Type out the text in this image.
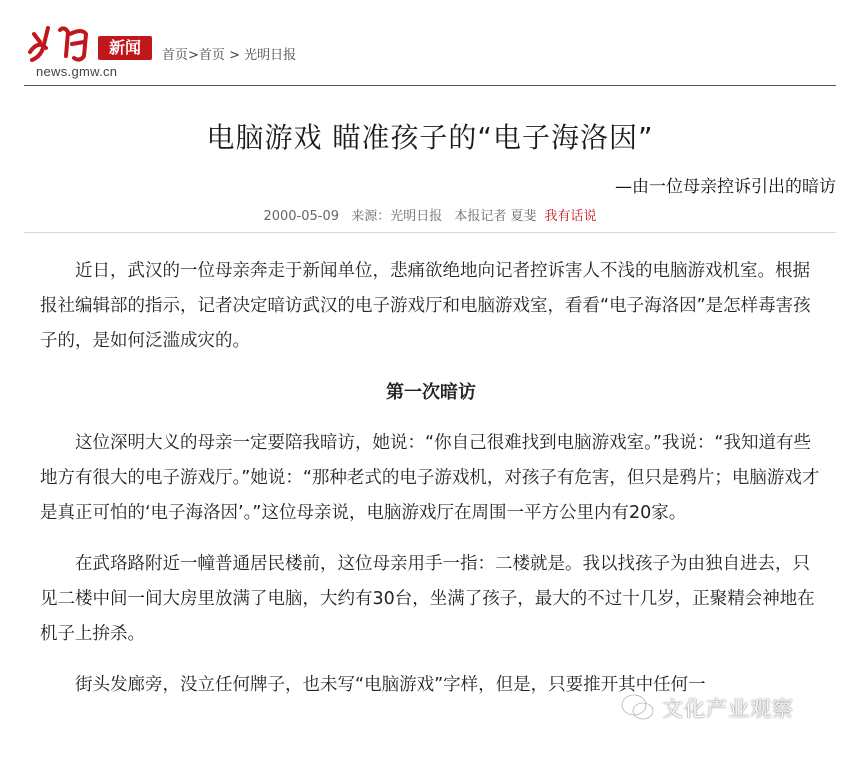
新闻
news.gmw.cn
首页>首页 > 光明日报
电脑游戏 瞄准孩子的“电子海洛因”
—由一位母亲控诉引出的暗访
2000-05-09 来源：光明日报 本报记者 夏斐 我有话说

近日，武汉的一位母亲奔走于新闻单位，悲痛欲绝地向记者控诉害人不浅的电脑游戏机室。根据报社编辑部的指示，记者决定暗访武汉的电子游戏厅和电脑游戏室，看看“电子海洛因”是怎样毒害孩子的，是如何泛滥成灾的。

第一次暗访

这位深明大义的母亲一定要陪我暗访，她说：“你自己很难找到电脑游戏室。”我说：“我知道有些地方有很大的电子游戏厅。”她说：“那种老式的电子游戏机，对孩子有危害，但只是鸦片；电脑游戏才是真正可怕的‘电子海洛因’。”这位母亲说，电脑游戏厅在周围一平方公里内有20家。

在武珞路附近一幢普通居民楼前，这位母亲用手一指：二楼就是。我以找孩子为由独自进去，只见二楼中间一间大房里放满了电脑，大约有30台，坐满了孩子，最大的不过十几岁，正聚精会神地在机子上拚杀。

街头发廊旁，没立任何牌子，也未写“电脑游戏”字样，但是，只要推开其中任何一

文化产业观察
